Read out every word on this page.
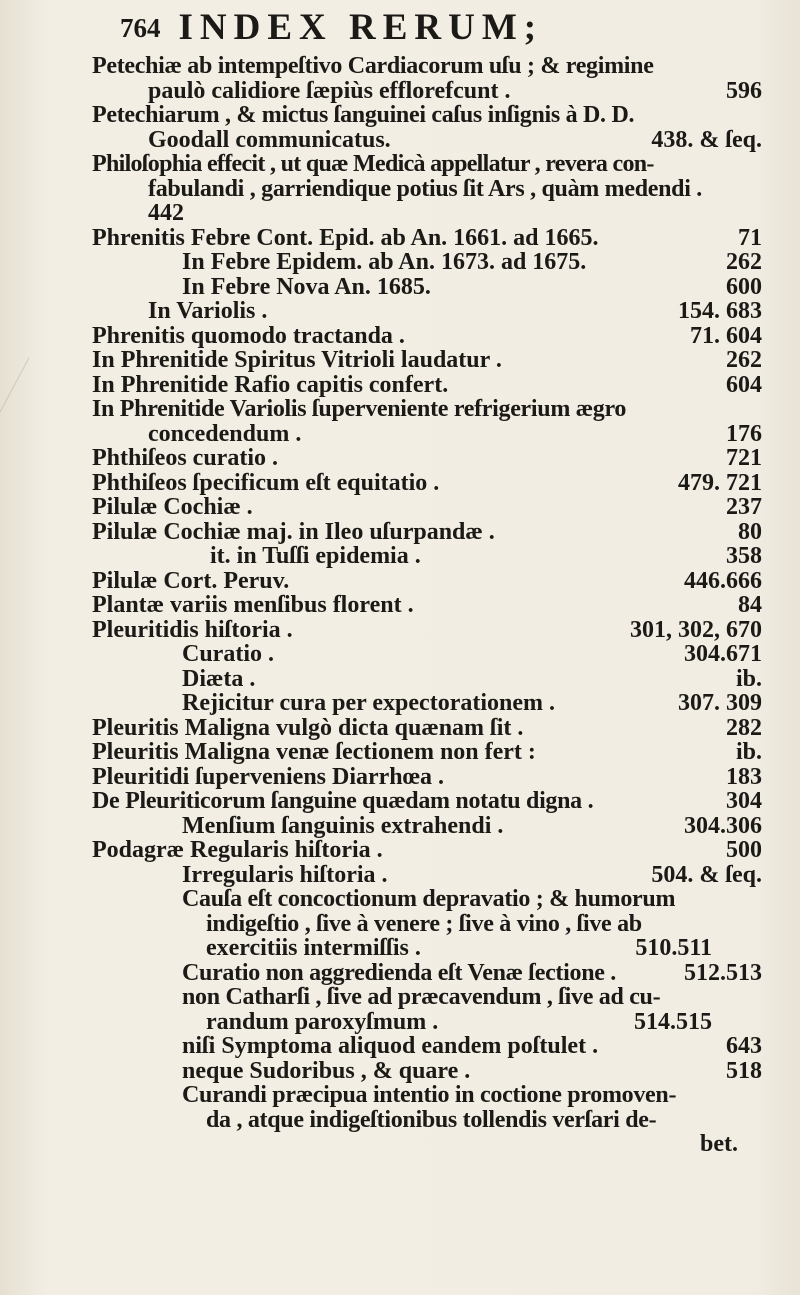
764 INDEX RERUM;
Petechiæ ab intempeſtivo Cardiacorum uſu ; & regimine
paulò calidiore ſæpiùs efflorefcunt .	596
Petechiarum , & mictus ſanguinei caſus inſignis à D. D.
Goodall communicatus.	438. & ſeq.
Philoſophia effecit , ut quæ Medicà appellatur , revera con-
fabulandi , garriendique potius ſit Ars , quàm medendi .
442
Phrenitis Febre Cont. Epid. ab An. 1661. ad 1665.	71
In Febre Epidem. ab An. 1673. ad 1675.	262
In Febre Nova An. 1685.	600
In Variolis .	154. 683
Phrenitis quomodo tractanda .	71. 604
In Phrenitide Spiritus Vitrioli laudatur .	262
In Phrenitide Rafio capitis confert.	604
In Phrenitide Variolis ſupervenientе refrigerium ægro
concedendum .	176
Phthiſeos curatio .	721
Phthiſeos ſpecificum eſt equitatio .	479. 721
Pilulæ Cochiæ .	237
Pilulæ Cochiæ maj. in Ileo uſurpandæ .	80
it. in Tuſſi epidemia .	358
Pilulæ Cort. Peruv.	446.666
Plantæ variis menſibus florent .	84
Pleuritidis hiſtoria .	301, 302, 670
Curatio .	304.671
Diæta .	ib.
Rejicitur cura per expectorationem .	307. 309
Pleuritis Maligna vulgò dicta quænam ſit .	282
Pleuritis Maligna venæ ſectionem non fert :	ib.
Pleuritidi ſuperveniens Diarrhœa .	183
De Pleuriticorum ſanguine quædam notatu digna .	304
Menſium ſanguinis extrahendi .	304.306
Podagræ Regularis hiſtoria .	500
Irregularis hiſtoria .	504. & ſeq.
Cauſa eſt concoctionum depravatio ; & humorum
indigeſtio , ſive à venere ; ſive à vino , ſive ab
exercitiis intermiſſis .	510.511
Curatio non aggredienda eſt Venæ ſectione .	512.513
non Catharſi , ſive ad præcavendum , ſive ad cu-
randum paroxyſmum .	514.515
niſi Symptoma aliquod eandem poſtulet .	643
neque Sudoribus , & quare .	518
Curandi præcipua intentio in coctione promoven-
da , atque indigeſtionibus tollendis verſari de-
bet.
